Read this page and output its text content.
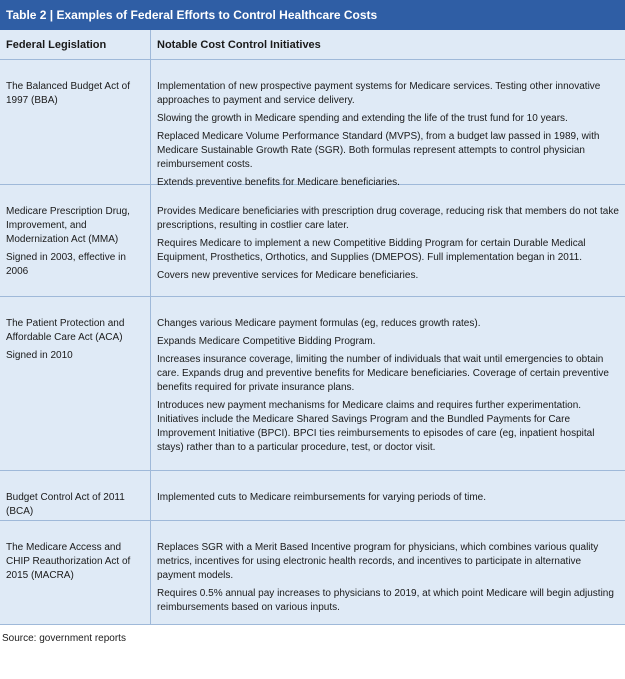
Table 2 | Examples of Federal Efforts to Control Healthcare Costs
Federal Legislation	Notable Cost Control Initiatives

The Balanced Budget Act of 1997 (BBA)

Implementation of new prospective payment systems for Medicare services. Testing other innovative approaches to payment and service delivery.

Slowing the growth in Medicare spending and extending the life of the trust fund for 10 years.

Replaced Medicare Volume Performance Standard (MVPS), from a budget law passed in 1989, with Medicare Sustainable Growth Rate (SGR). Both formulas represent attempts to control physician reimbursement costs.

Extends preventive benefits for Medicare beneficiaries.

Medicare Prescription Drug, Improvement, and Modernization Act (MMA)

Signed in 2003, effective in 2006

Provides Medicare beneficiaries with prescription drug coverage, reducing risk that members do not take prescriptions, resulting in costlier care later.

Requires Medicare to implement a new Competitive Bidding Program for certain Durable Medical Equipment, Prosthetics, Orthotics, and Supplies (DMEPOS). Full implementation began in 2011.

Covers new preventive services for Medicare beneficiaries.

The Patient Protection and Affordable Care Act (ACA)

Signed in 2010

Changes various Medicare payment formulas (eg, reduces growth rates).

Expands Medicare Competitive Bidding Program.

Increases insurance coverage, limiting the number of individuals that wait until emergencies to obtain care. Expands drug and preventive benefits for Medicare beneficiaries. Coverage of certain preventive benefits required for private insurance plans.

Introduces new payment mechanisms for Medicare claims and requires further experimentation. Initiatives include the Medicare Shared Savings Program and the Bundled Payments for Care Improvement Initiative (BPCI). BPCI ties reimbursements to episodes of care (eg, inpatient hospital stays) rather than to a particular procedure, test, or doctor visit.

Budget Control Act of 2011 (BCA)

Implemented cuts to Medicare reimbursements for varying periods of time.

The Medicare Access and CHIP Reauthorization Act of 2015 (MACRA)

Replaces SGR with a Merit Based Incentive program for physicians, which combines various quality metrics, incentives for using electronic health records, and incentives to participate in alternative payment models.

Requires 0.5% annual pay increases to physicians to 2019, at which point Medicare will begin adjusting reimbursements based on various inputs.

Source: government reports
